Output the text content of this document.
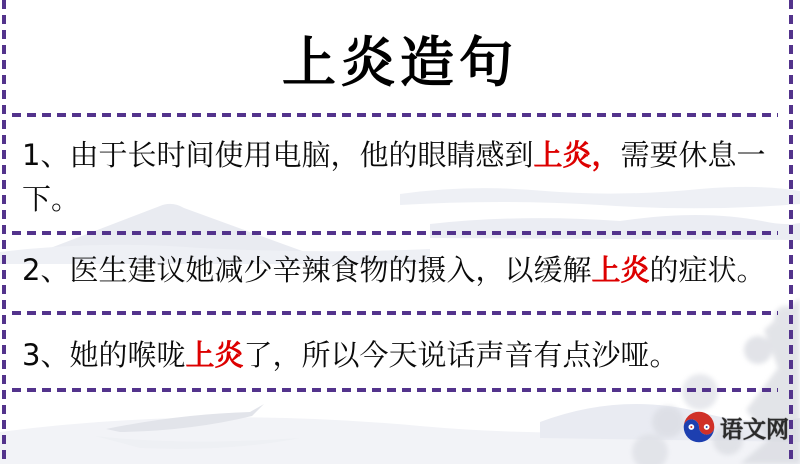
上炎造句
1、由于长时间使用电脑，他的眼睛感到上炎，需要休息一下。
2、医生建议她减少辛辣食物的摄入，以缓解上炎的症状。
3、她的喉咙上炎了，所以今天说话声音有点沙哑。
语文网
